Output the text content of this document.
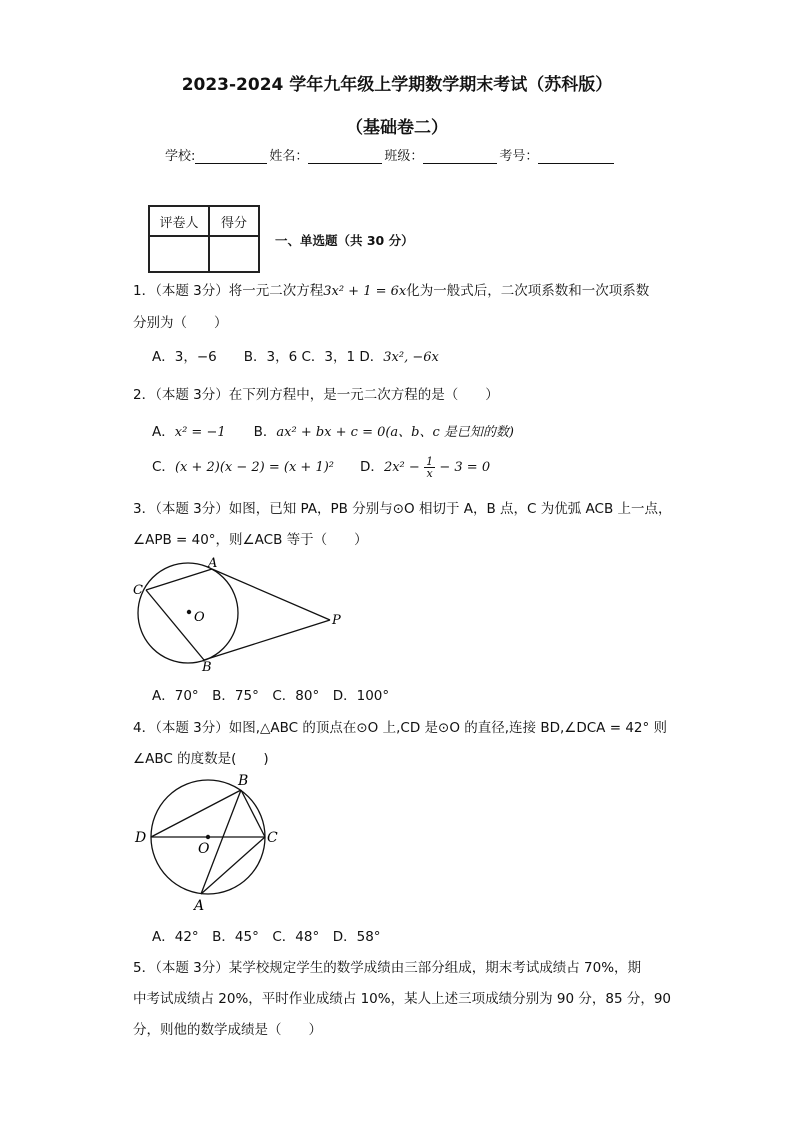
2023-2024 学年九年级上学期数学期末考试（苏科版）
（基础卷二）
学校:	姓名：	班级：	考号：
评卷人	得分

一、单选题（共 30 分）
1．（本题 3分）将一元二次方程3x² + 1 = 6x化为一般式后，二次项系数和一次项系数
分别为（　　）
A．3，−6　　B．3，6 C．3，1 D．3x², −6x
2．（本题 3分）在下列方程中，是一元二次方程的是（　　）
A．x² = −1 B．ax² + bx + c = 0(a、b、c 是已知的数)
C．(x + 2)(x − 2) = (x + 1)² D．$2x^2 - \frac{1}{x} - 3 = 0$
3．（本题 3分）如图，已知 PA，PB 分别与⊙O 相切于 A，B 点，C 为优弧 ACB 上一点，
∠APB = 40°，则∠ACB 等于（　　）
A
C
O	P
B
A．70°　B．75°　C．80°　D．100°
4．（本题 3分）如图,△ABC 的顶点在⊙O 上,CD 是⊙O 的直径,连接 BD,∠DCA = 42° 则
∠ABC 的度数是(　　)
B
D	C
O
A
A．42°　B．45°　C．48°　D．58°
5．（本题 3分）某学校规定学生的数学成绩由三部分组成，期末考试成绩占 70%，期
中考试成绩占 20%，平时作业成绩占 10%，某人上述三项成绩分别为 90 分，85 分，90
分，则他的数学成绩是（　　）
